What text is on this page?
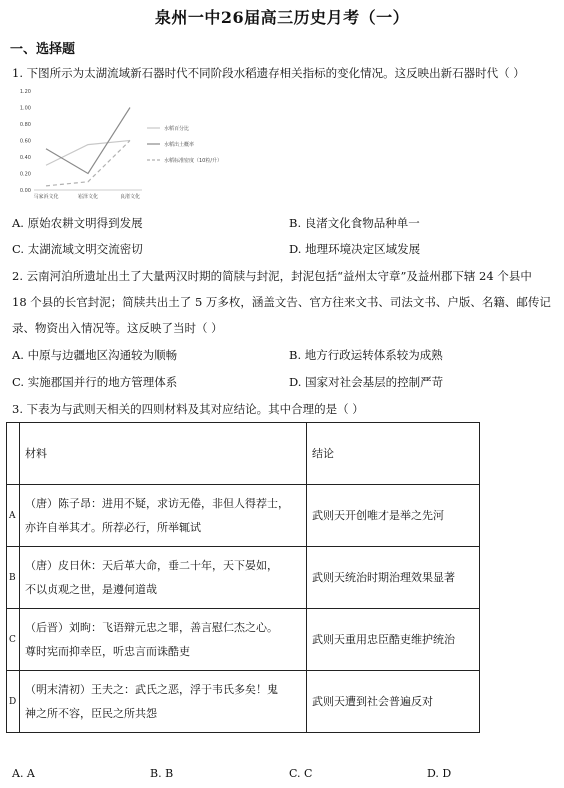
泉州一中26届高三历史月考（一）
一、选择题
1. 下图所示为太湖流域新石器时代不同阶段水稻遗存相关指标的变化情况。这反映出新石器时代（ ）
0.00
0.20
0.40
0.60
0.80
1.00
1.20
马家浜文化	崧泽文化	良渚文化
水稻百分比
水稻出土概率
水稻标准密度（10粒/升）
A. 原始农耕文明得到发展	B. 良渚文化食物品种单一
C. 太湖流域文明交流密切	D. 地理环境决定区域发展
2. 云南河泊所遗址出土了大量两汉时期的简牍与封泥，封泥包括“益州太守章”及益州郡下辖 24 个县中
18 个县的长官封泥；简牍共出土了 5 万多枚，涵盖文告、官方往来文书、司法文书、户版、名籍、邮传记
录、物资出入情况等。这反映了当时（ ）
A. 中原与边疆地区沟通较为顺畅	B. 地方行政运转体系较为成熟
C. 实施郡国并行的地方管理体系	D. 国家对社会基层的控制严苛
3. 下表为与武则天相关的四则材料及其对应结论。其中合理的是（ ）
	材料	结论
A	（唐）陈子昂：进用不疑，求访无倦，非但人得荐士，
亦许自举其才。所荐必行，所举辄试	武则天开创唯才是举之先河
B	（唐）皮日休：天后革大命，垂二十年，天下晏如，
不以贞观之世，是遵何道哉	武则天统治时期治理效果显著
C	（后晋）刘昫：飞语辩元忠之罪，善言慰仁杰之心。
尊时宪而抑幸臣，听忠言而诛酷吏	武则天重用忠臣酷吏维护统治
D	（明末清初）王夫之：武氏之恶，浮于韦氏多矣！鬼
神之所不容，臣民之所共怨	武则天遭到社会普遍反对
A. A	B. B	C. C	D. D
